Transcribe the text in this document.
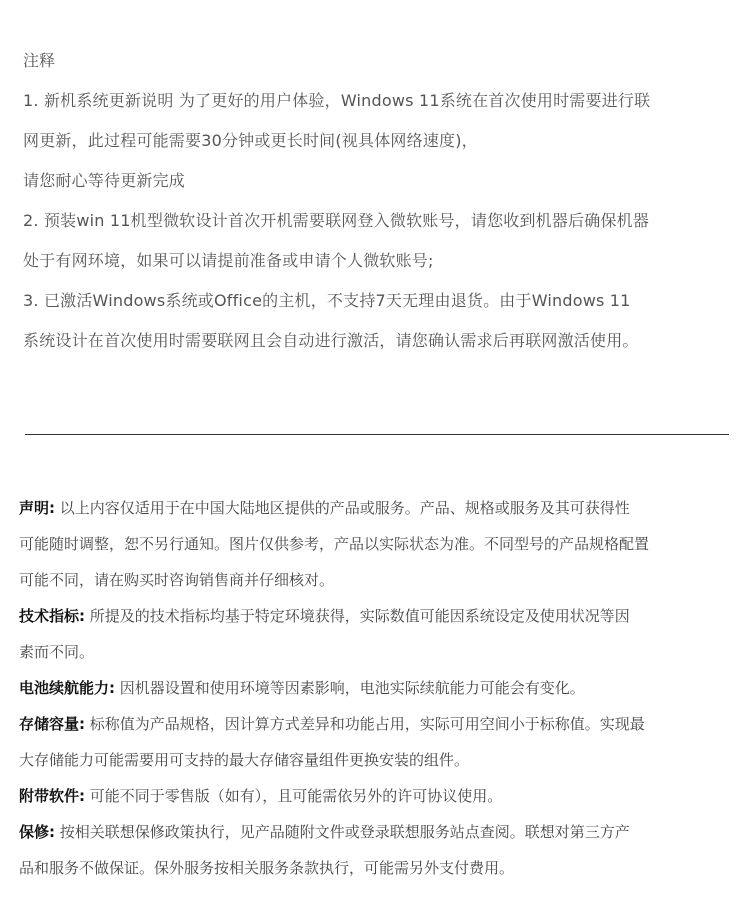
注释
1. 新机系统更新说明 为了更好的用户体验，Windows 11系统在首次使用时需要进行联
网更新，此过程可能需要30分钟或更长时间(视具体网络速度)，
请您耐心等待更新完成
2. 预装win 11机型微软设计首次开机需要联网登入微软账号，请您收到机器后确保机器
处于有网环境，如果可以请提前准备或申请个人微软账号;
3. 已激活Windows系统或Office的主机，不支持7天无理由退货。由于Windows 11
系统设计在首次使用时需要联网且会自动进行激活，请您确认需求后再联网激活使用。
声明: 以上内容仅适用于在中国大陆地区提供的产品或服务。产品、规格或服务及其可获得性
可能随时调整，恕不另行通知。图片仅供参考，产品以实际状态为准。不同型号的产品规格配置
可能不同，请在购买时咨询销售商并仔细核对。
技术指标: 所提及的技术指标均基于特定环境获得，实际数值可能因系统设定及使用状况等因
素而不同。
电池续航能力: 因机器设置和使用环境等因素影响，电池实际续航能力可能会有变化。
存储容量: 标称值为产品规格，因计算方式差异和功能占用，实际可用空间小于标称值。实现最
大存储能力可能需要用可支持的最大存储容量组件更换安装的组件。
附带软件: 可能不同于零售版（如有），且可能需依另外的许可协议使用。
保修: 按相关联想保修政策执行，见产品随附文件或登录联想服务站点查阅。联想对第三方产
品和服务不做保证。保外服务按相关服务条款执行，可能需另外支付费用。
